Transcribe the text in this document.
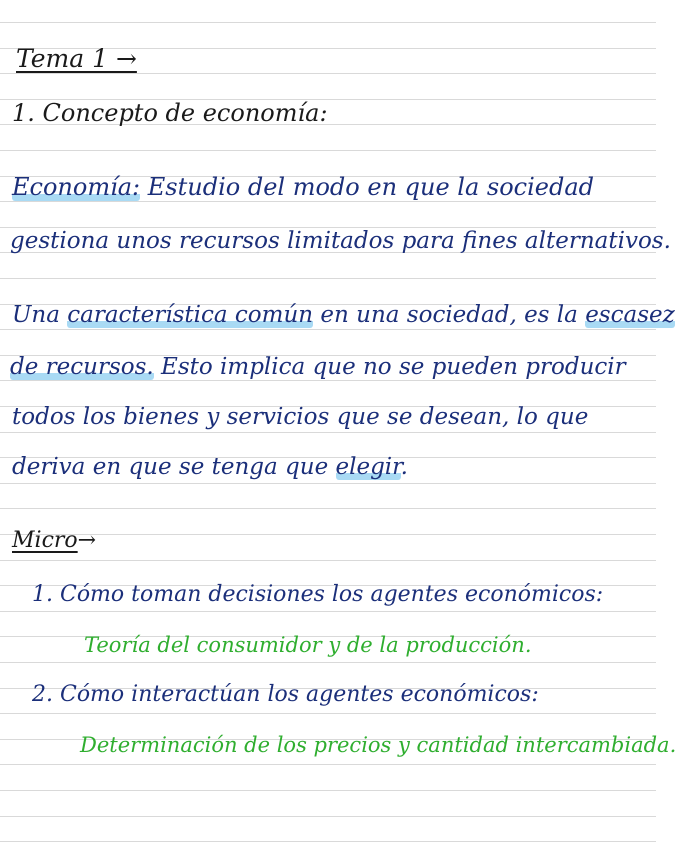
Tema 1 →
1. Concepto de economía:
Economía: Estudio del modo en que la sociedad
gestiona unos recursos limitados para fines alternativos.
Una característica común en una sociedad, es la escasez
de recursos. Esto implica que no se pueden producir
todos los bienes y servicios que se desean, lo que
deriva en que se tenga que elegir.
Micro→
1. Cómo toman decisiones los agentes económicos:
Teoría del consumidor y de la producción.
2. Cómo interactúan los agentes económicos:
Determinación de los precios y cantidad intercambiada.
